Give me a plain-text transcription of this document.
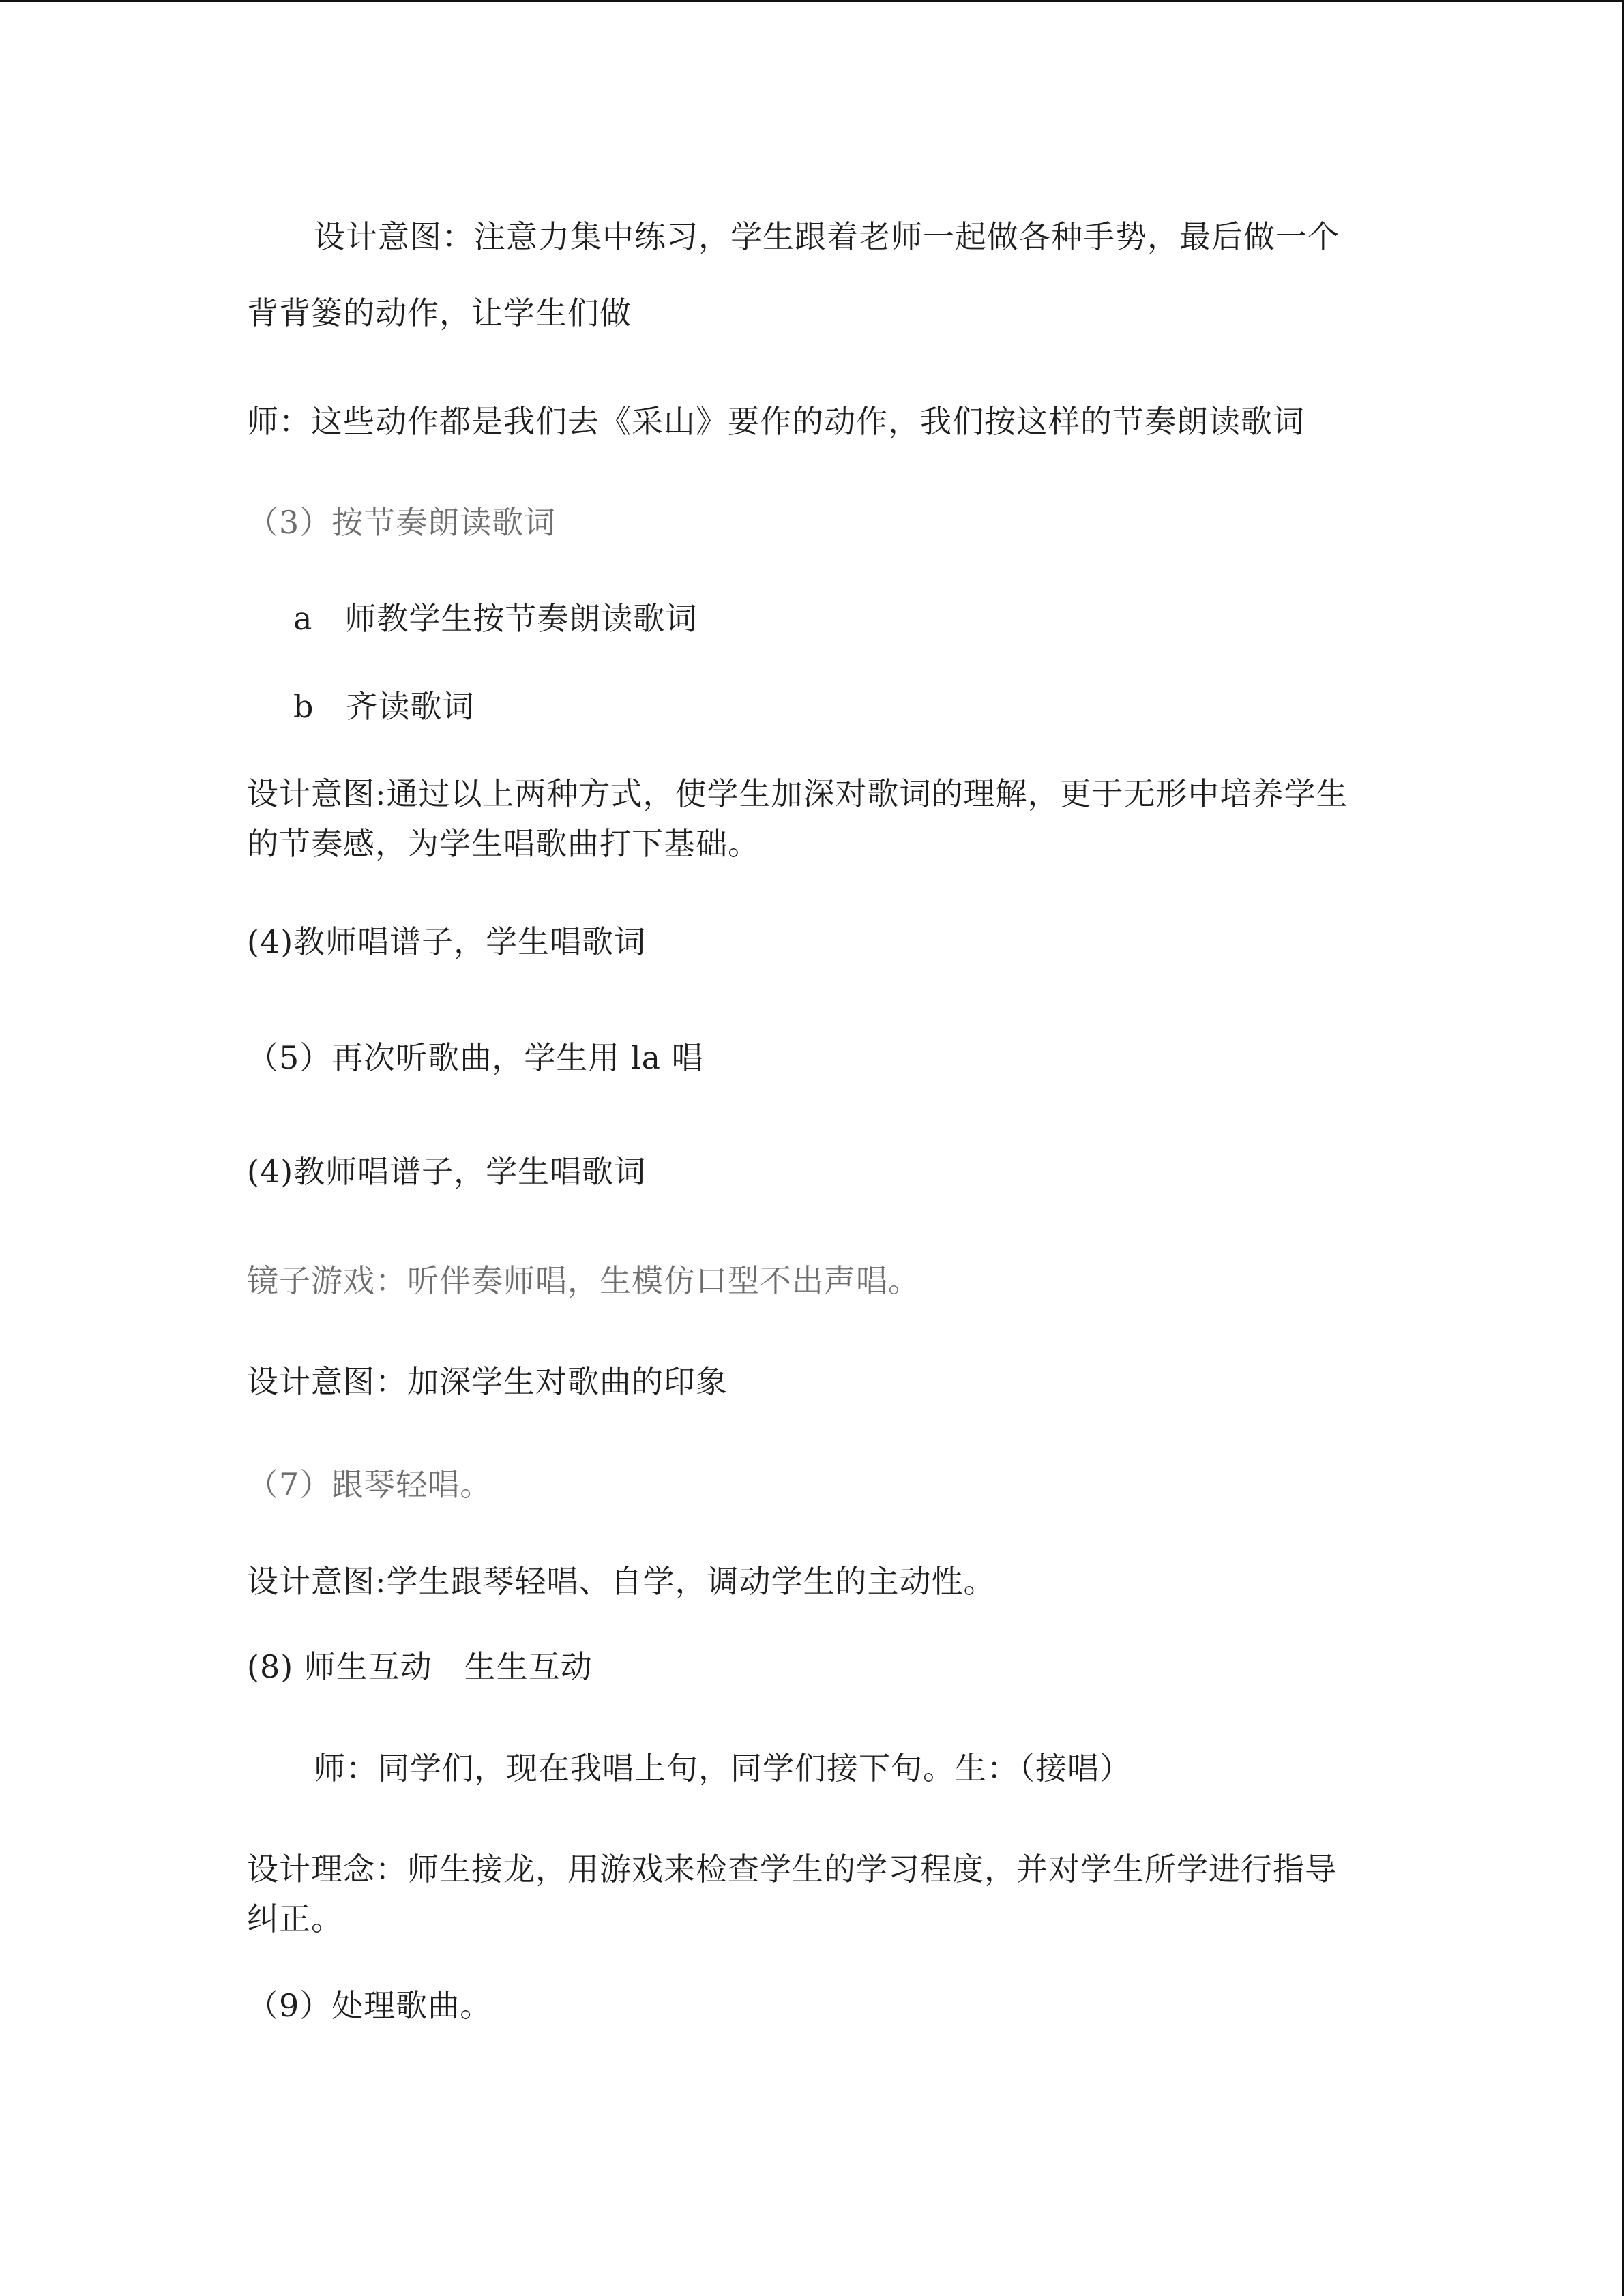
设计意图：注意力集中练习，学生跟着老师一起做各种手势，最后做一个

背背篓的动作，让学生们做

师：这些动作都是我们去《采山》要作的动作，我们按这样的节奏朗读歌词

（3）按节奏朗读歌词

a　师教学生按节奏朗读歌词

b　齐读歌词

设计意图:通过以上两种方式，使学生加深对歌词的理解，更于无形中培养学生

的节奏感，为学生唱歌曲打下基础。

(4)教师唱谱子，学生唱歌词

（5）再次听歌曲，学生用 la 唱

(4)教师唱谱子，学生唱歌词

镜子游戏：听伴奏师唱，生模仿口型不出声唱。

设计意图：加深学生对歌曲的印象

（7）跟琴轻唱。

设计意图:学生跟琴轻唱、自学，调动学生的主动性。

(8) 师生互动　生生互动

师：同学们，现在我唱上句，同学们接下句。生：（接唱）

设计理念：师生接龙，用游戏来检查学生的学习程度，并对学生所学进行指导

纠正。

（9）处理歌曲。
